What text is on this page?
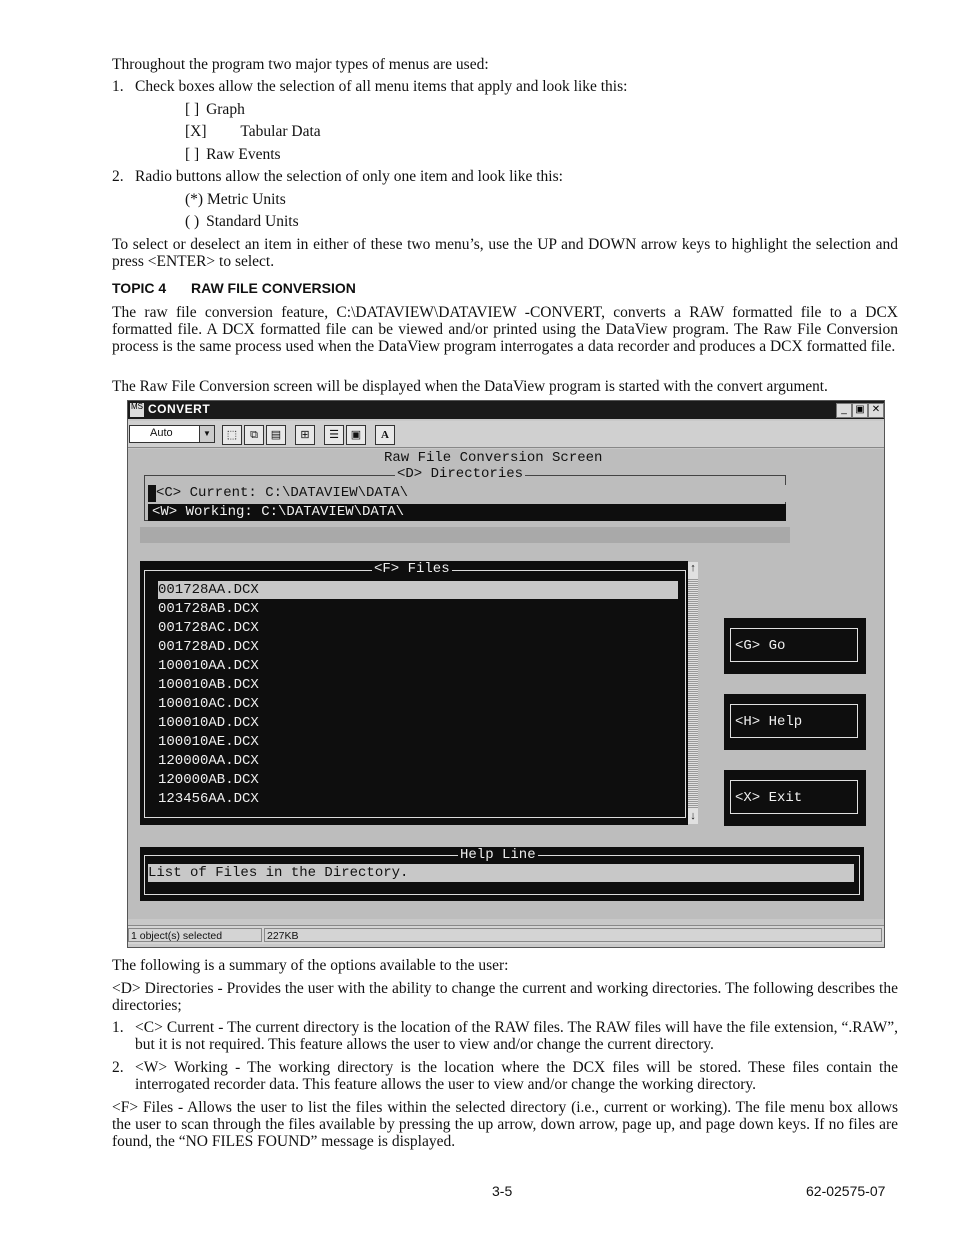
Throughout the program two major types of menus are used:
1. Check boxes allow the selection of all menu items that apply and look like this:
[ ] Graph
[X] Tabular Data
[ ] Raw Events
2. Radio buttons allow the selection of only one item and look like this:
(*) Metric Units
( ) Standard Units
To select or deselect an item in either of these two menu’s, use the UP and DOWN arrow keys to highlight the selection and press <ENTER> to select.
TOPIC 4 RAW FILE CONVERSION
The raw file conversion feature, C:\DATAVIEW\DATAVIEW -CONVERT, converts a RAW formatted file to a DCX formatted file. A DCX formatted file can be viewed and/or printed using the DataView program. The Raw File Conversion process is the same process used when the DataView program interrogates a data recorder and produces a DCX formatted file.
The Raw File Conversion screen will be displayed when the DataView program is started with the convert argument.
MS CONVERT	_ ▣ ✕
Auto	▼	⬚	⧉	▤	⊞	☰	▣	A
Raw File Conversion Screen
<D> Directories
<C> Current: C:\DATAVIEW\DATA\
<W> Working: C:\DATAVIEW\DATA\
<F> Files
001728AA.DCX
001728AB.DCX
001728AC.DCX
001728AD.DCX
100010AA.DCX
100010AB.DCX
100010AC.DCX
100010AD.DCX
100010AE.DCX
120000AA.DCX
120000AB.DCX
123456AA.DCX
↑
↓
<G> Go
<H> Help
<X> Exit
Help Line
List of Files in the Directory.
1 object(s) selected	227KB
The following is a summary of the options available to the user:
<D> Directories - Provides the user with the ability to change the current and working directories. The following describes the directories;
1. <C> Current - The current directory is the location of the RAW files. The RAW files will have the file extension, “.RAW”, but it is not required. This feature allows the user to view and/or change the current directory.
2. <W> Working - The working directory is the location where the DCX files will be stored. These files contain the interrogated recorder data. This feature allows the user to view and/or change the working directory.
<F> Files - Allows the user to list the files within the selected directory (i.e., current or working). The file menu box allows the user to scan through the files available by pressing the up arrow, down arrow, page up, and page down keys. If no files are found, the “NO FILES FOUND” message is displayed.
3-5	62-02575-07
